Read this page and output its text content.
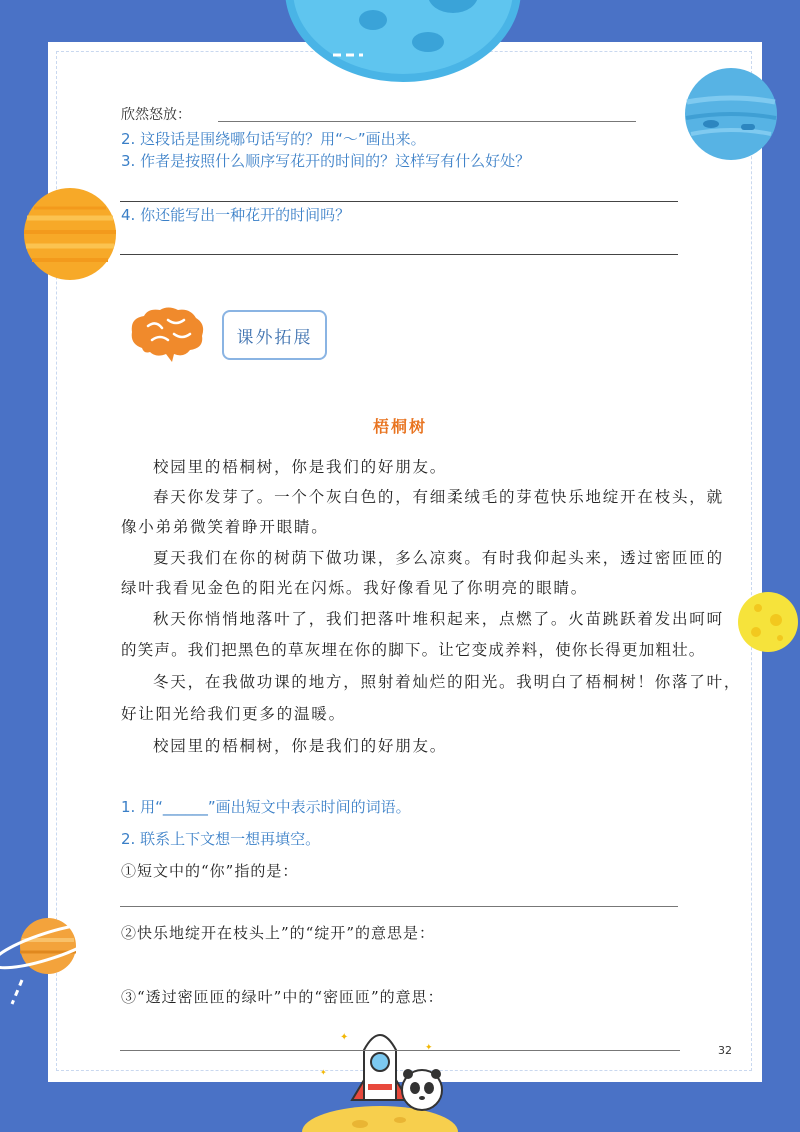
✦
✦
✦

欣然怒放：

2. 这段话是围绕哪句话写的？用“～”画出来。

3. 作者是按照什么顺序写花开的时间的？这样写有什么好处？

4. 你还能写出一种花开的时间吗？

课外拓展
梧桐树

校园里的梧桐树，你是我们的好朋友。

春天你发芽了。一个个灰白色的，有细柔绒毛的芽苞快乐地绽开在枝头，就

像小弟弟微笑着睁开眼睛。

夏天我们在你的树荫下做功课，多么凉爽。有时我仰起头来，透过密匝匝的

绿叶我看见金色的阳光在闪烁。我好像看见了你明亮的眼睛。

秋天你悄悄地落叶了，我们把落叶堆积起来，点燃了。火苗跳跃着发出呵呵

的笑声。我们把黑色的草灰埋在你的脚下。让它变成养料，使你长得更加粗壮。

冬天，在我做功课的地方，照射着灿烂的阳光。我明白了梧桐树！你落了叶，

好让阳光给我们更多的温暖。

校园里的梧桐树，你是我们的好朋友。

1. 用“______”画出短文中表示时间的词语。

2. 联系上下文想一想再填空。

①短文中的“你”指的是：

②快乐地绽开在枝头上”的“绽开”的意思是：

③“透过密匝匝的绿叶”中的“密匝匝”的意思：

32
